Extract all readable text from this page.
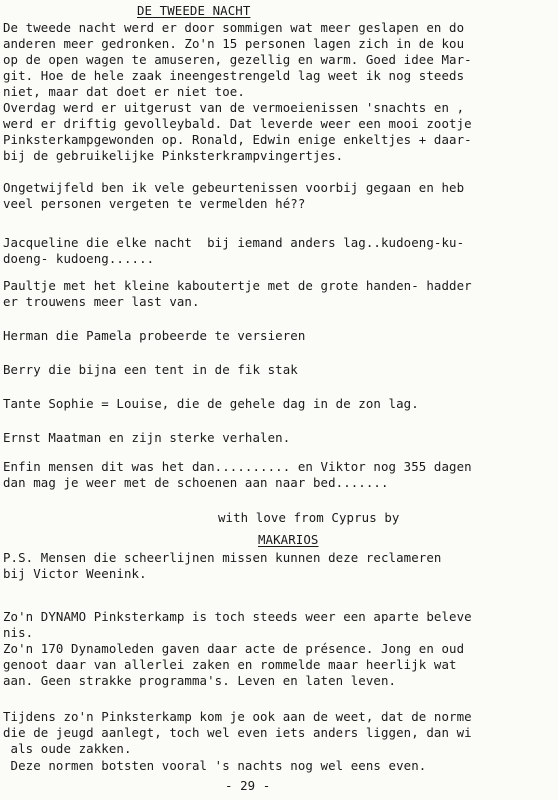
DE TWEEDE NACHT
De tweede nacht werd er door sommigen wat meer geslapen en do
anderen meer gedronken. Zo'n 15 personen lagen zich in de kou
op de open wagen te amuseren, gezellig en warm. Goed idee Mar-
git. Hoe de hele zaak ineengestrengeld lag weet ik nog steeds
niet, maar dat doet er niet toe.
Overdag werd er uitgerust van de vermoeienissen 'snachts en ,
werd er driftig gevolleybald. Dat leverde weer een mooi zootje
Pinksterkampgewonden op. Ronald, Edwin enige enkeltjes + daar-
bij de gebruikelijke Pinksterkrampvingertjes.
Ongetwijfeld ben ik vele gebeurtenissen voorbij gegaan en heb
veel personen vergeten te vermelden hé??
Jacqueline die elke nacht  bij iemand anders lag..kudoeng-ku-
doeng- kudoeng......
Paultje met het kleine kaboutertje met de grote handen- hadder
er trouwens meer last van.
Herman die Pamela probeerde te versieren
Berry die bijna een tent in de fik stak
Tante Sophie = Louise, die de gehele dag in de zon lag.
Ernst Maatman en zijn sterke verhalen.
Enfin mensen dit was het dan.......... en Viktor nog 355 dagen
dan mag je weer met de schoenen aan naar bed.......
with love from Cyprus by
MAKARIOS
P.S. Mensen die scheerlijnen missen kunnen deze reclameren
bij Victor Weenink.
Zo'n DYNAMO Pinksterkamp is toch steeds weer een aparte beleve
nis.
Zo'n 170 Dynamoleden gaven daar acte de présence. Jong en oud
genoot daar van allerlei zaken en rommelde maar heerlijk wat
aan. Geen strakke programma's. Leven en laten leven.
Tijdens zo'n Pinksterkamp kom je ook aan de weet, dat de norme
die de jeugd aanlegt, toch wel even iets anders liggen, dan wi
als oude zakken.
Deze normen botsten vooral 's nachts nog wel eens even.
- 29 -
